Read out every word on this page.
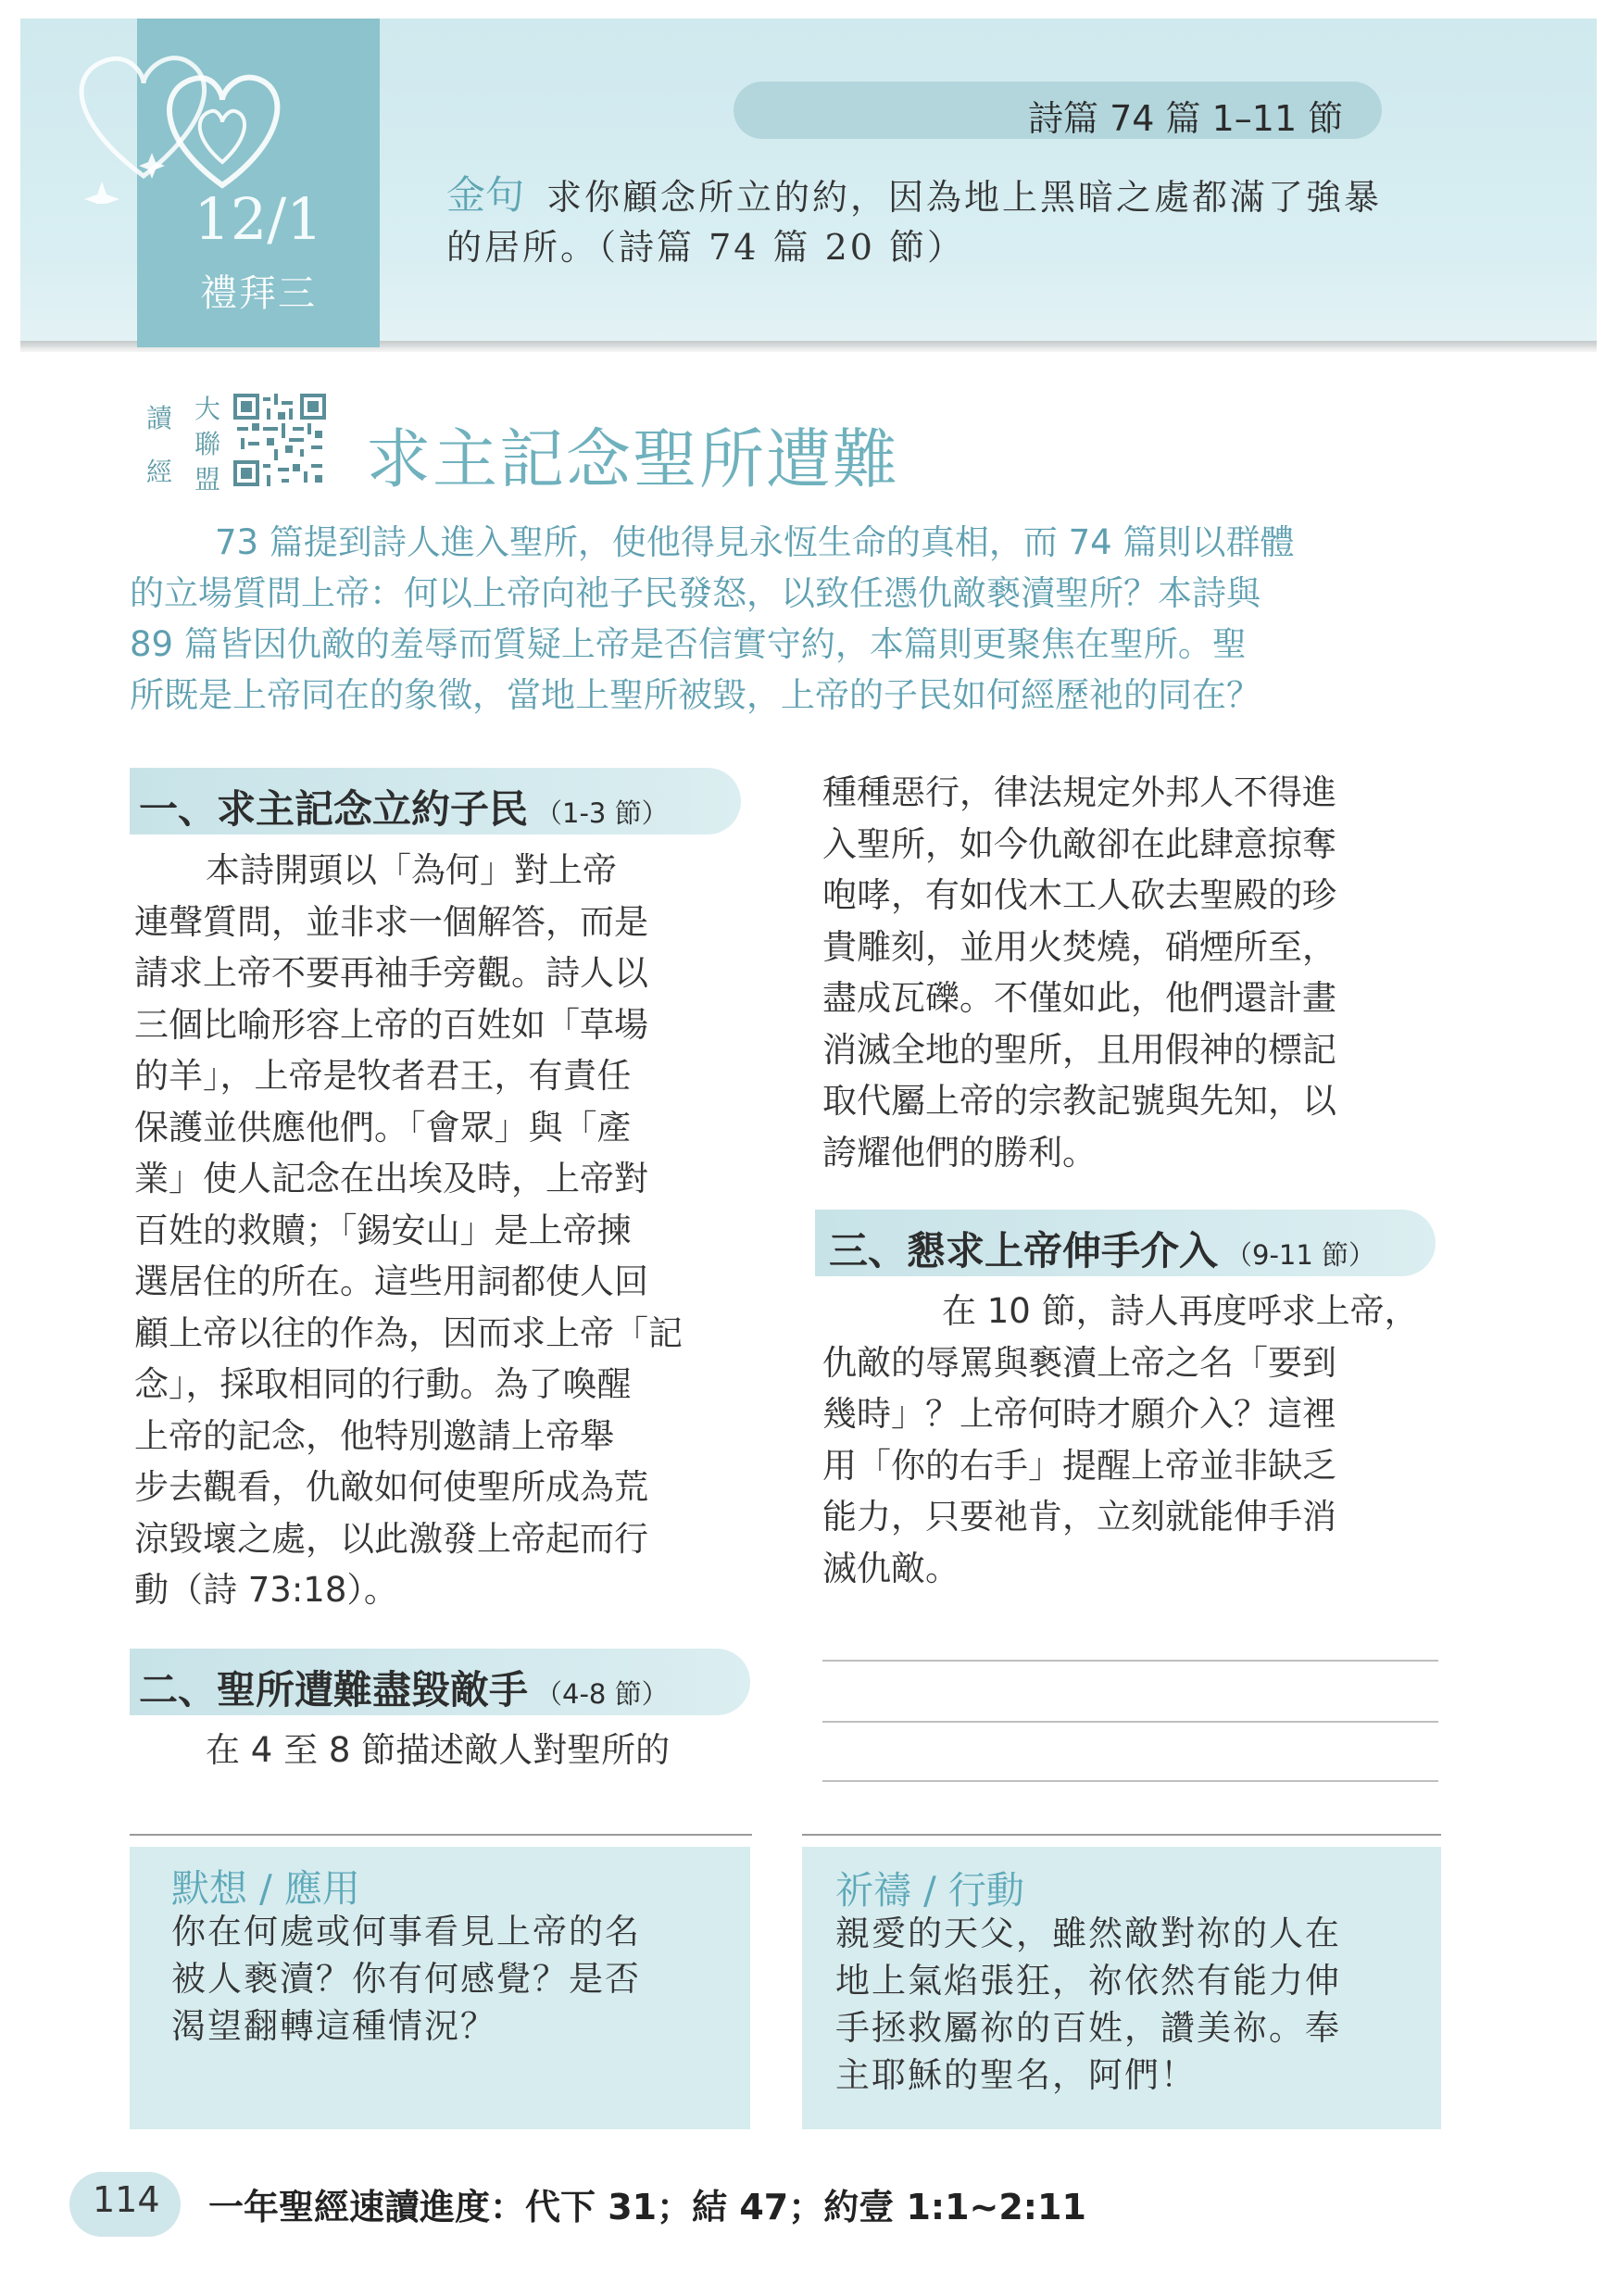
12/1
禮拜三
詩篇 74 篇 1–11 節
金句 求你顧念所立的約，因為地上黑暗之處都滿了強暴
的居所。（詩篇 74 篇 20 節）
讀
經
大
聯
盟 求主記念聖所遭難

73 篇提到詩人進入聖所，使他得見永恆生命的真相，而 74 篇則以群體

的立場質問上帝：何以上帝向祂子民發怒，以致任憑仇敵褻瀆聖所？本詩與

89 篇皆因仇敵的羞辱而質疑上帝是否信實守約，本篇則更聚焦在聖所。聖

所既是上帝同在的象徵，當地上聖所被毀，上帝的子民如何經歷祂的同在？

一、求主記念立約子民 （1-3 節）

　本詩開頭以「為何」對上帝

連聲質問，並非求一個解答，而是

請求上帝不要再袖手旁觀。詩人以

三個比喻形容上帝的百姓如「草場

的羊」，上帝是牧者君王，有責任

保護並供應他們。「會眾」與「產

業」使人記念在出埃及時，上帝對

百姓的救贖；「錫安山」是上帝揀

選居住的所在。這些用詞都使人回

顧上帝以往的作為，因而求上帝「記

念」，採取相同的行動。為了喚醒

上帝的記念，他特別邀請上帝舉

步去觀看，仇敵如何使聖所成為荒

涼毀壞之處，以此激發上帝起而行

動（詩 73:18）。

二、聖所遭難盡毀敵手 （4-8 節）

　在 4 至 8 節描述敵人對聖所的

種種惡行，律法規定外邦人不得進

入聖所，如今仇敵卻在此肆意掠奪

咆哮，有如伐木工人砍去聖殿的珍

貴雕刻，並用火焚燒，硝煙所至，

盡成瓦礫。不僅如此，他們還計畫

消滅全地的聖所，且用假神的標記

取代屬上帝的宗教記號與先知，以

誇耀他們的勝利。

三、懇求上帝伸手介入 （9-11 節）

　在 10 節，詩人再度呼求上帝，

仇敵的辱罵與褻瀆上帝之名「要到

幾時」？上帝何時才願介入？這裡

用「你的右手」提醒上帝並非缺乏

能力，只要祂肯，立刻就能伸手消

滅仇敵。

默想 / 應用

你在何處或何事看見上帝的名

被人褻瀆？你有何感覺？是否

渴望翻轉這種情況？

祈禱 / 行動

親愛的天父，雖然敵對祢的人在

地上氣焰張狂，祢依然有能力伸

手拯救屬祢的百姓，讚美祢。奉

主耶穌的聖名，阿們！

114 一年聖經速讀進度：代下 31；結 47；約壹 1:1~2:11
